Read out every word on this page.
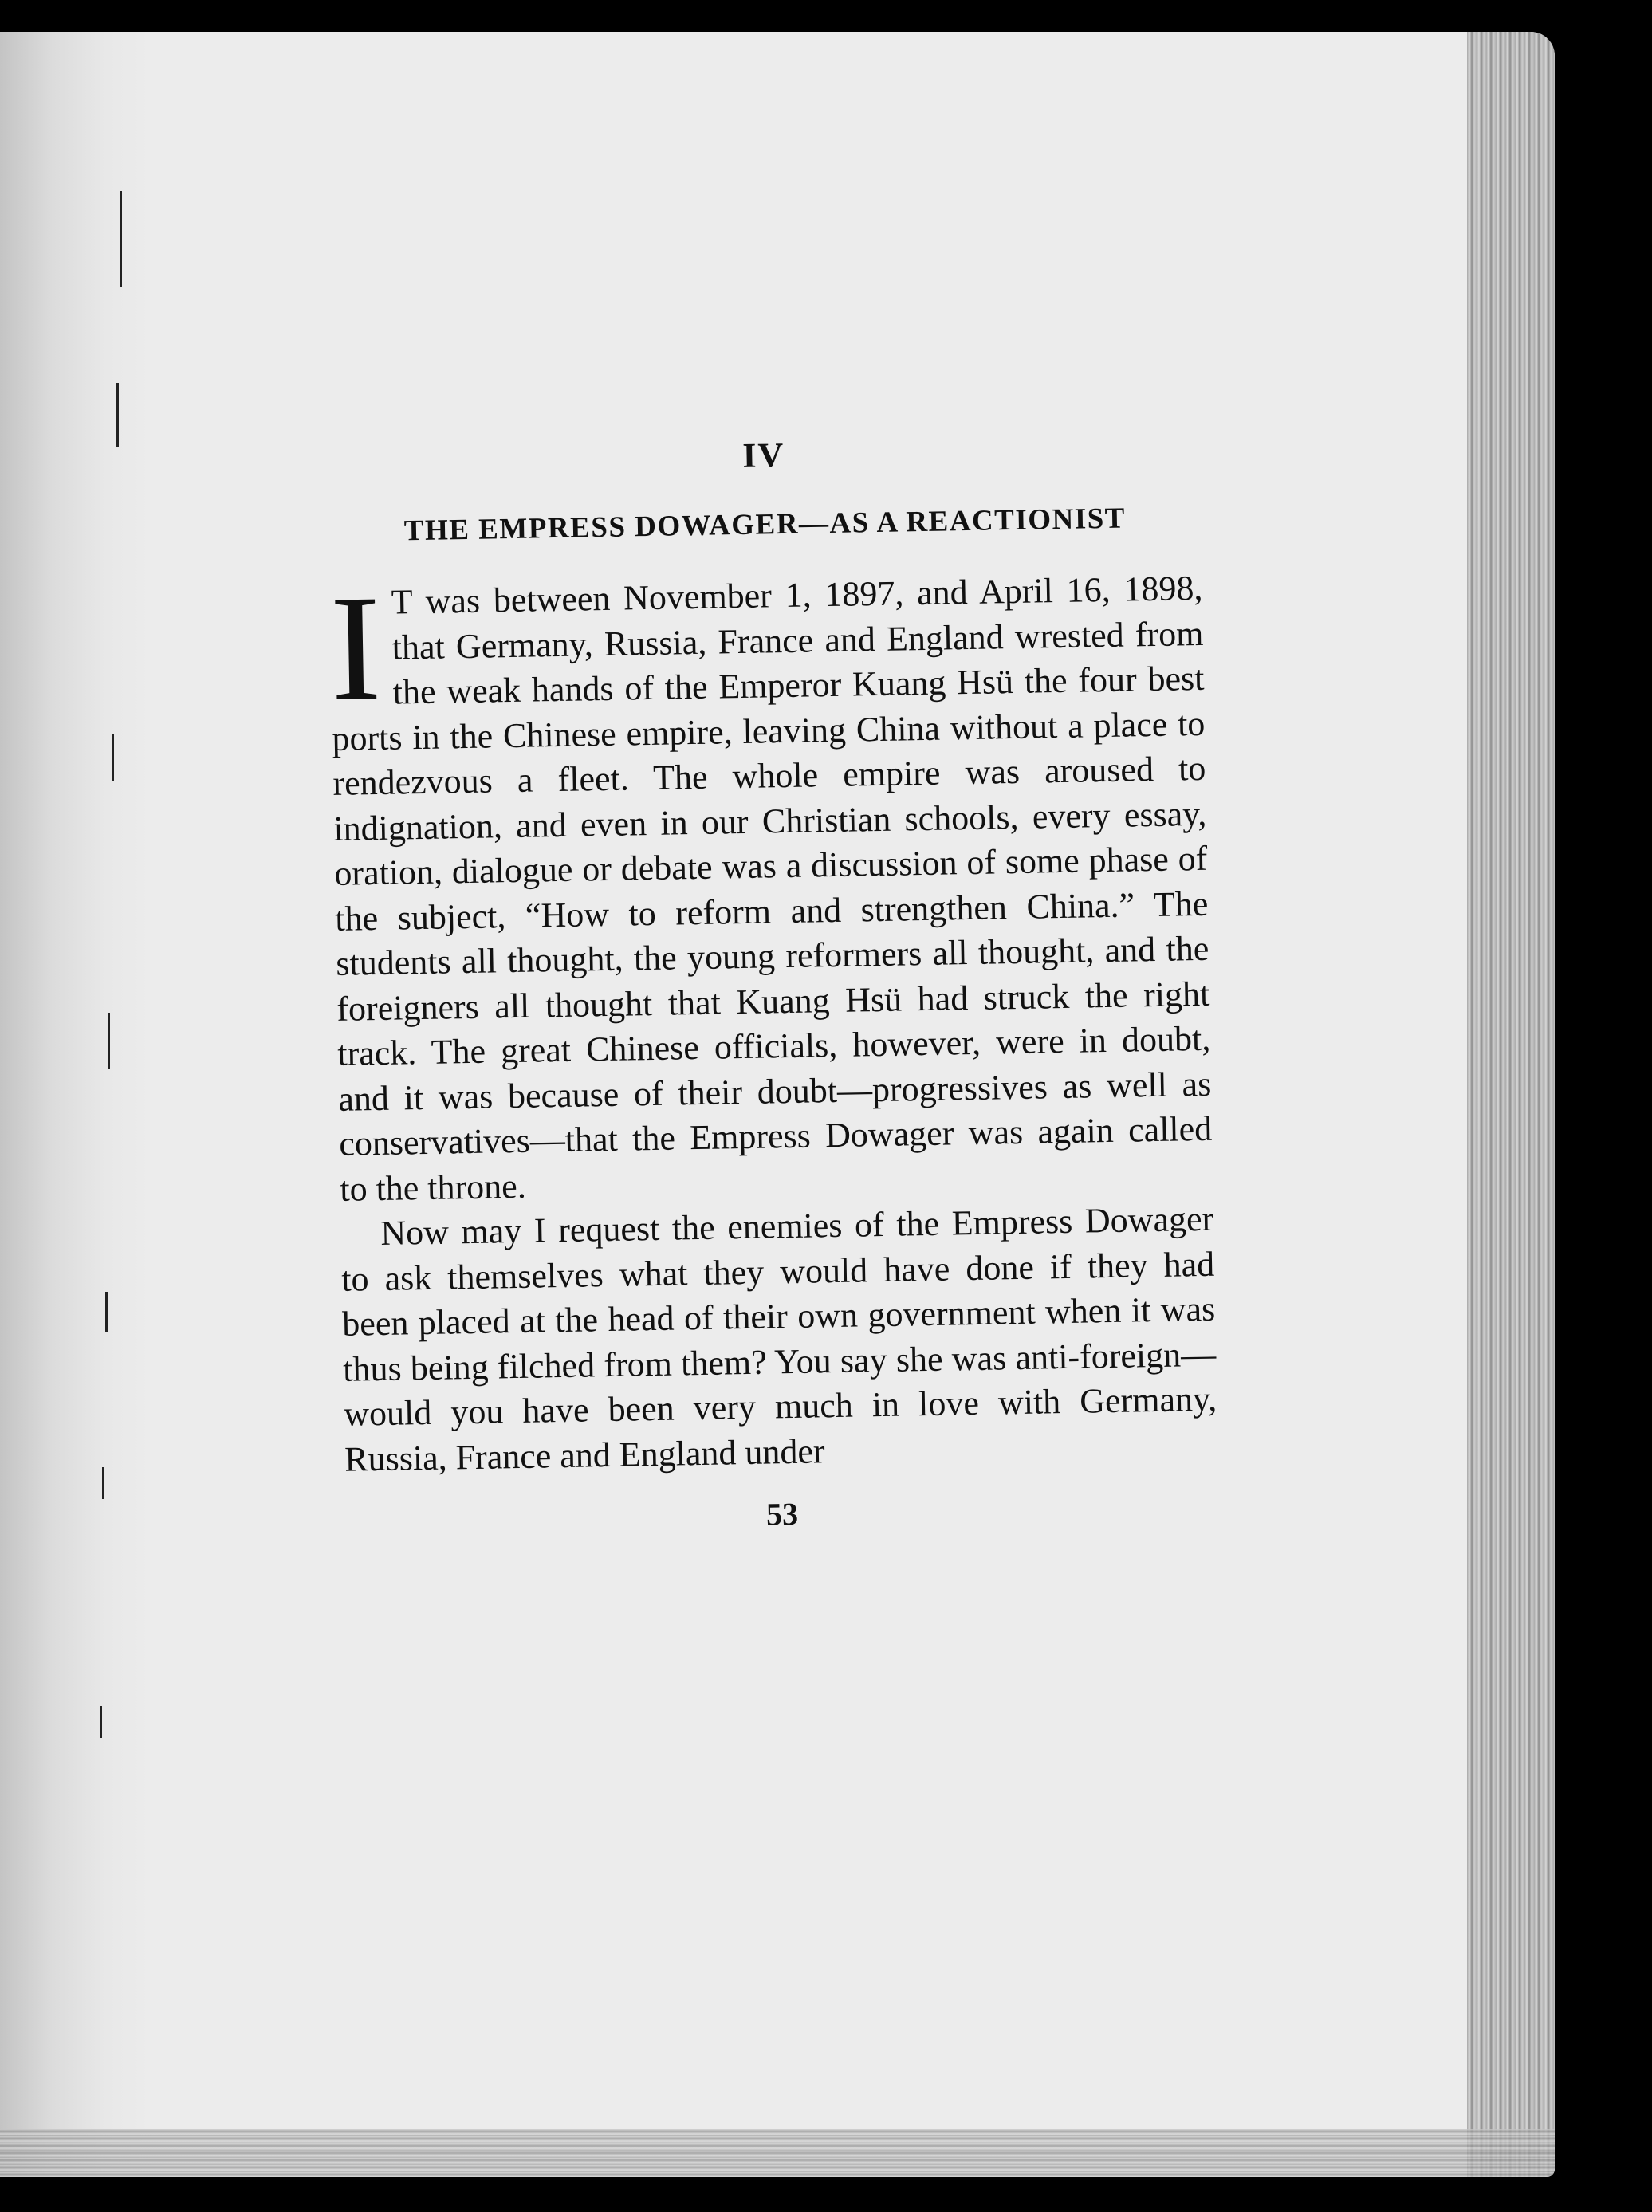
IV
THE EMPRESS DOWAGER—AS A REACTIONIST

IT was between November 1, 1897, and April 16, 1898, that Germany, Russia, France and England wrested from the weak hands of the Emperor Kuang Hsü the four best ports in the Chinese empire, leaving China without a place to rendezvous a fleet. The whole empire was aroused to indignation, and even in our Christian schools, every essay, oration, dialogue or debate was a discussion of some phase of the subject, “How to reform and strengthen China.” The students all thought, the young reformers all thought, and the foreigners all thought that Kuang Hsü had struck the right track. The great Chinese officials, however, were in doubt, and it was because of their doubt—progressives as well as conservatives—that the Empress Dowager was again called to the throne.

Now may I request the enemies of the Empress Dowager to ask themselves what they would have done if they had been placed at the head of their own government when it was thus being filched from them? You say she was anti-foreign—would you have been very much in love with Germany, Russia, France and England under

53
